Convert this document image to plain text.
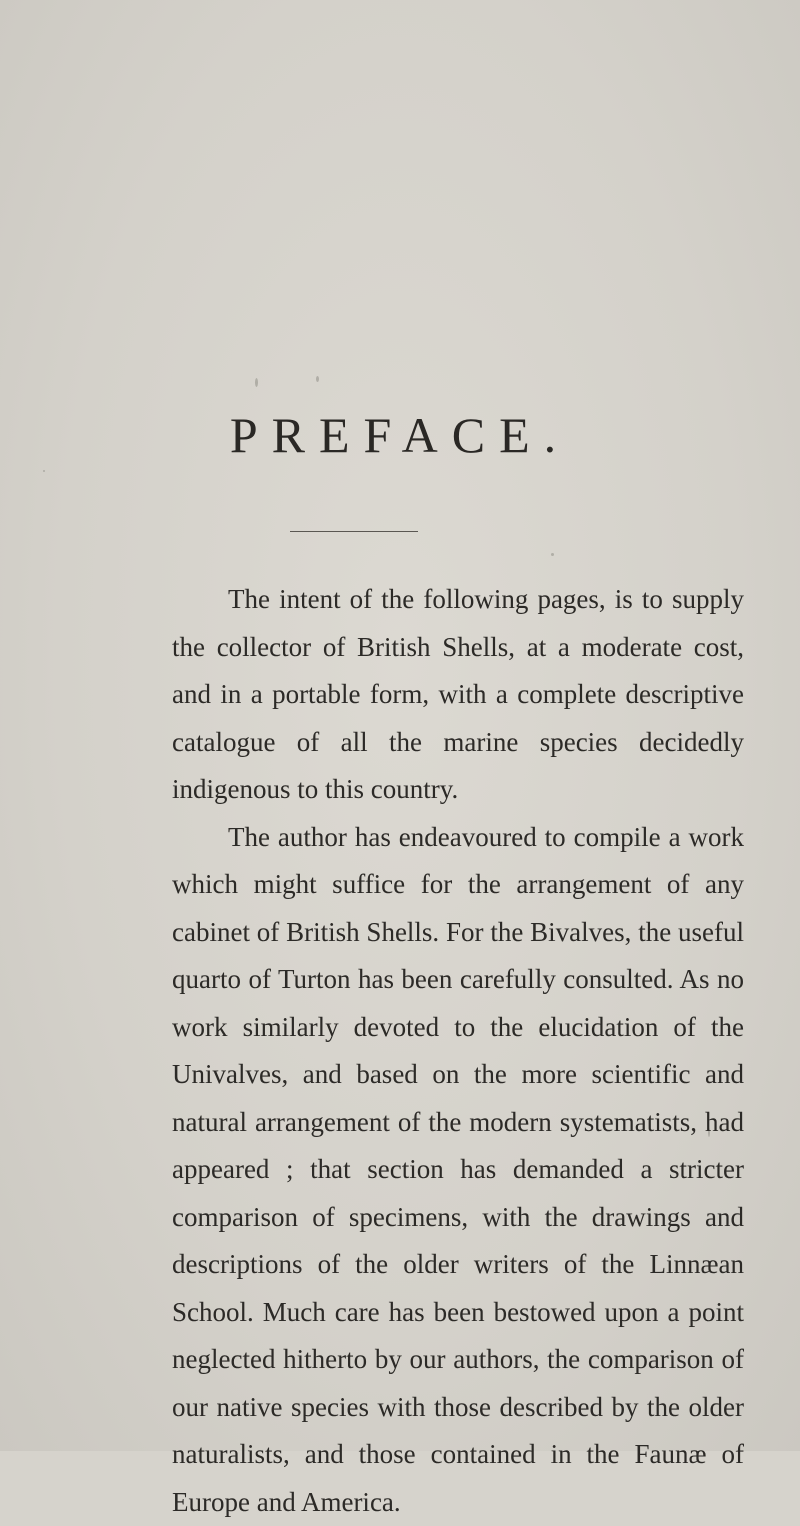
PREFACE.

The intent of the following pages, is to supply the collector of British Shells, at a moderate cost, and in a portable form, with a complete descriptive catalogue of all the marine species decidedly indigenous to this country.

The author has endeavoured to compile a work which might suffice for the arrangement of any cabinet of British Shells. For the Bivalves, the useful quarto of Turton has been carefully consulted. As no work similarly devoted to the elucidation of the Univalves, and based on the more scientific and natural arrangement of the modern systematists, had appeared ; that section has demanded a stricter comparison of specimens, with the drawings and descriptions of the older writers of the Linnæan School. Much care has been bestowed upon a point neglected hitherto by our authors, the comparison of our native species with those described by the older naturalists, and those contained in the Faunæ of Europe and America.
